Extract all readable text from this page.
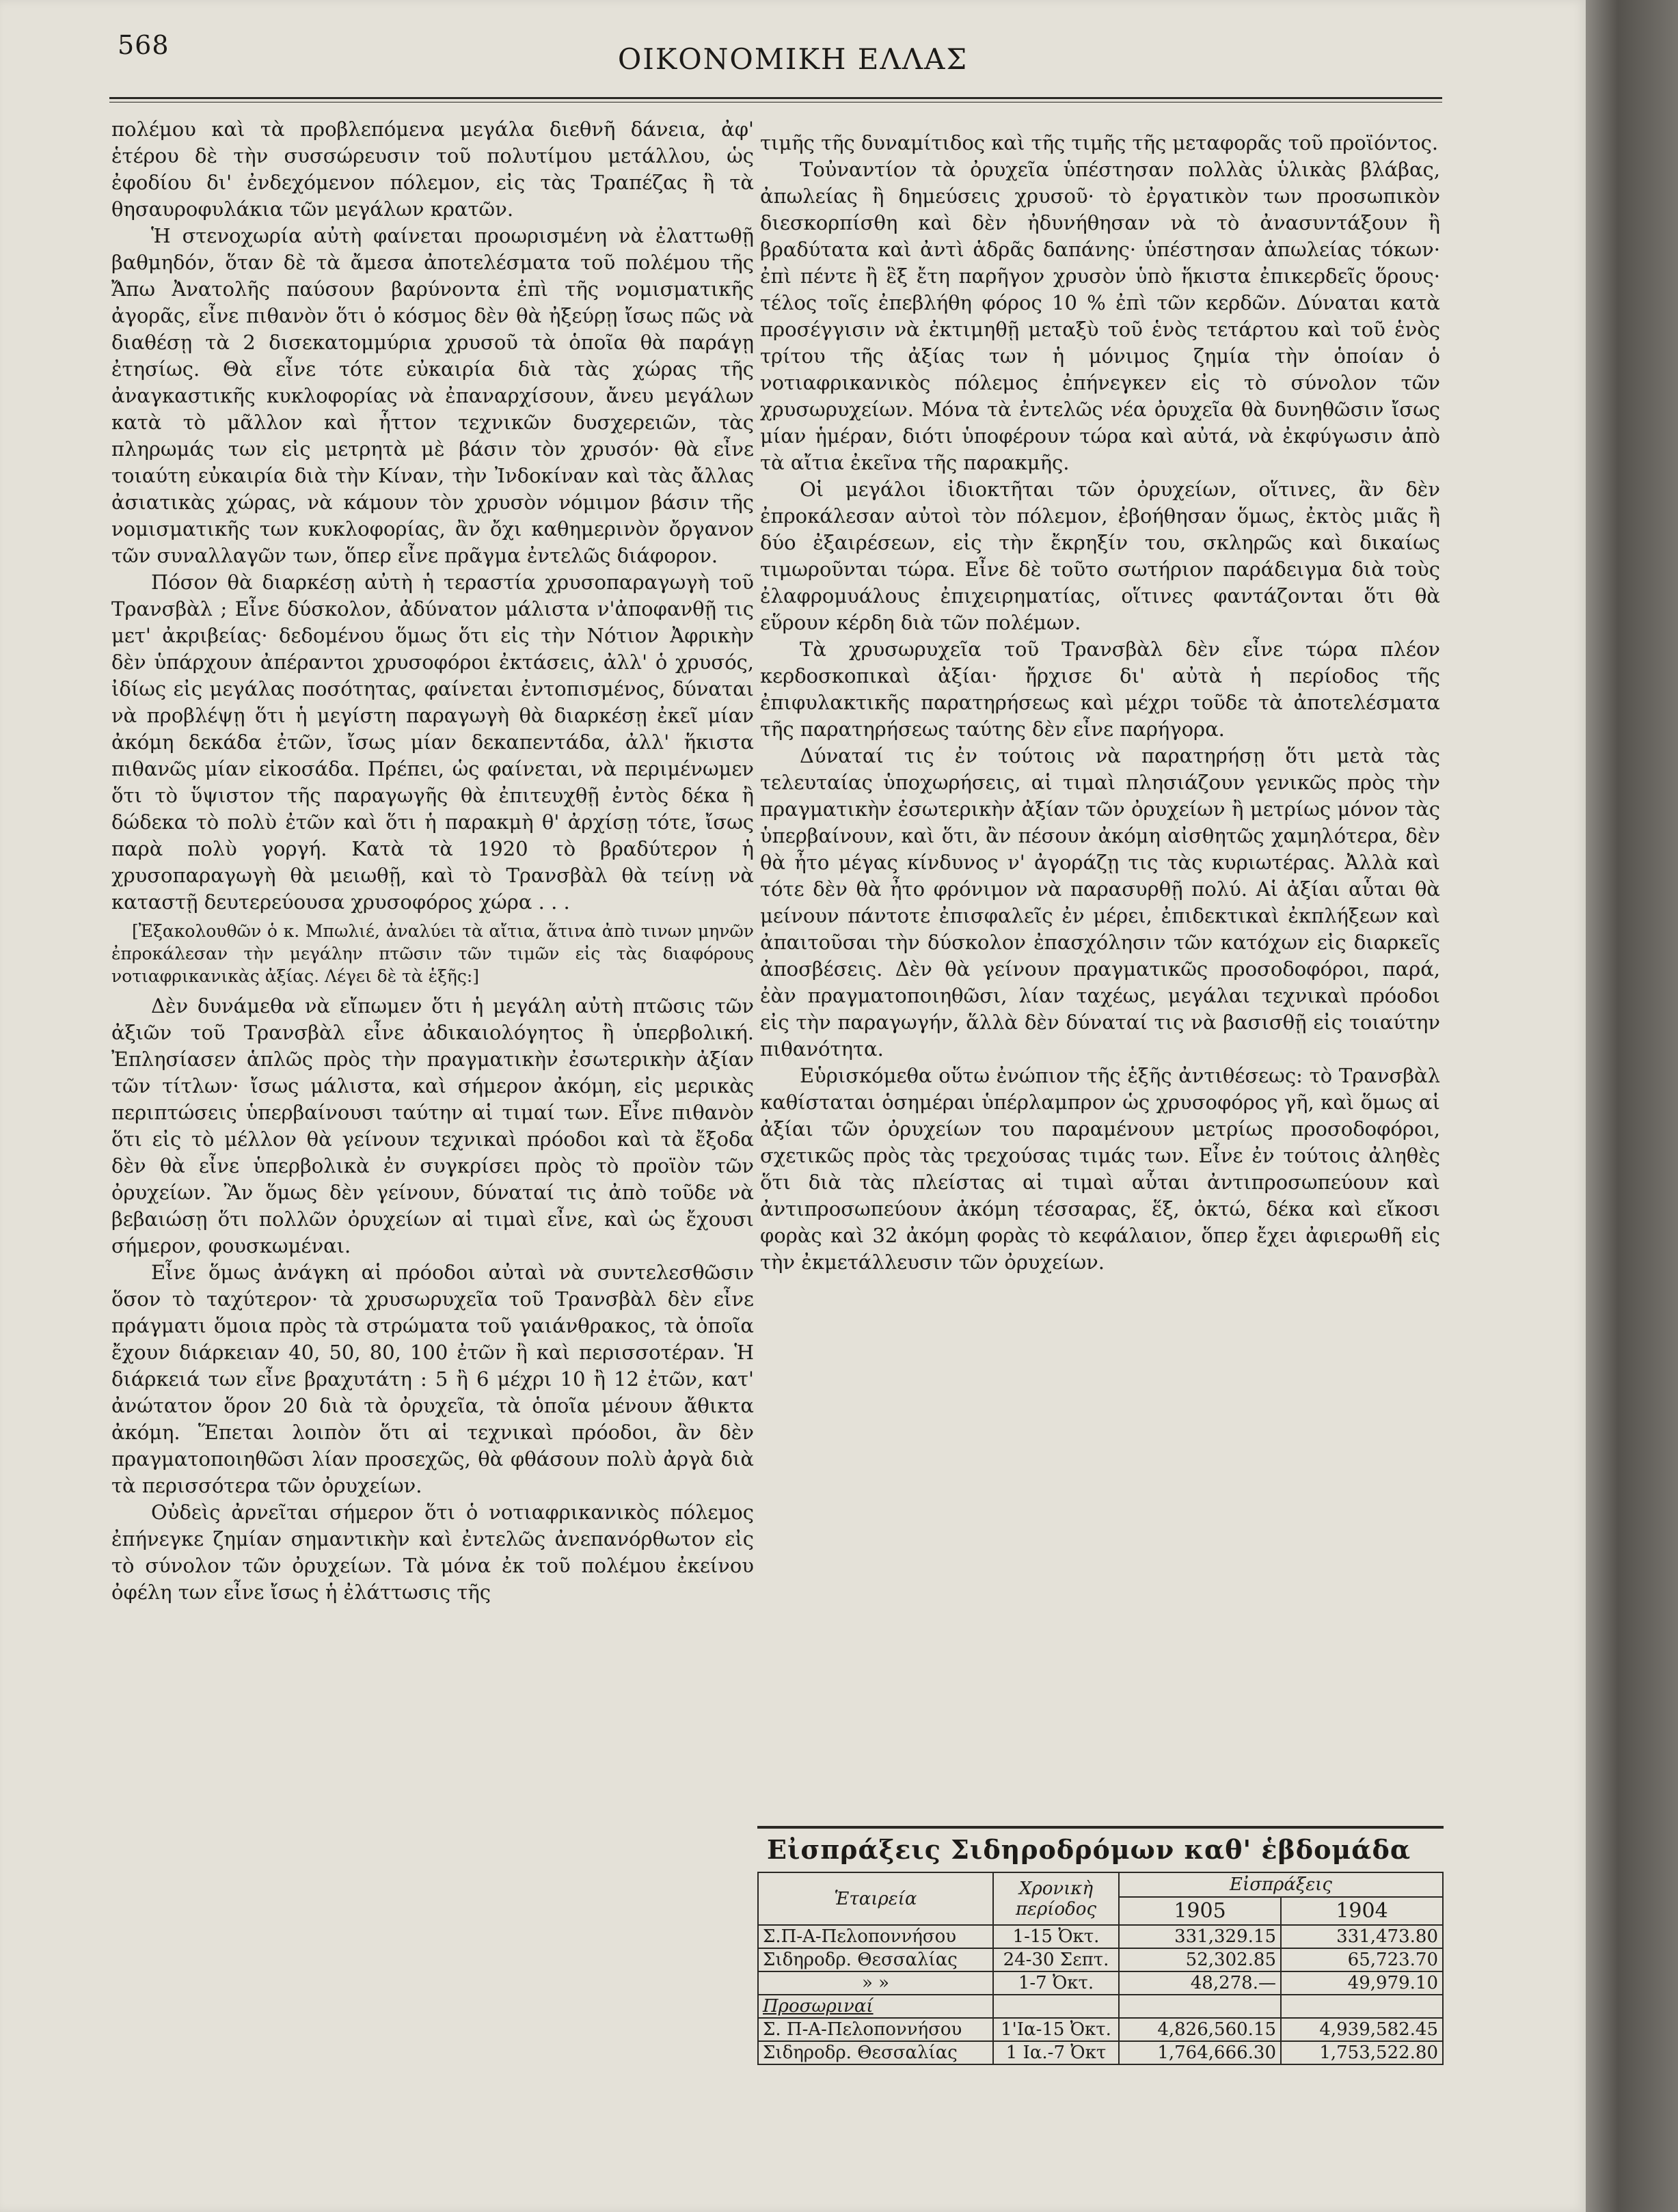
568	ΟΙΚΟΝΟΜΙΚΗ ΕΛΛΑΣ

πολέμου καὶ τὰ προβλεπόμενα μεγάλα διεθνῆ δάνεια, ἀφ' ἑτέρου δὲ τὴν συσσώρευσιν τοῦ πολυτίμου μετάλλου, ὡς ἐφοδίου δι' ἐνδεχόμενον πόλεμον, εἰς τὰς Τραπέζας ἢ τὰ θησαυροφυλάκια τῶν μεγάλων κρατῶν.

Ἡ στενοχωρία αὐτὴ φαίνεται προωρισμένη νὰ ἐλαττωθῇ βαθμηδόν, ὅταν δὲ τὰ ἄμεσα ἀποτελέσματα τοῦ πολέμου τῆς Ἄπω Ἀνατολῆς παύσουν βαρύνοντα ἐπὶ τῆς νομισματικῆς ἀγορᾶς, εἶνε πιθανὸν ὅτι ὁ κόσμος δὲν θὰ ἠξεύρῃ ἴσως πῶς νὰ διαθέσῃ τὰ 2 δισεκατομμύρια χρυσοῦ τὰ ὁποῖα θὰ παράγῃ ἐτησίως. Θὰ εἶνε τότε εὐκαιρία διὰ τὰς χώρας τῆς ἀναγκαστικῆς κυκλοφορίας νὰ ἐπαναρχίσουν, ἄνευ μεγάλων κατὰ τὸ μᾶλλον καὶ ἧττον τεχνικῶν δυσχερειῶν, τὰς πληρωμάς των εἰς μετρητὰ μὲ βάσιν τὸν χρυσόν· θὰ εἶνε τοιαύτη εὐκαιρία διὰ τὴν Κίναν, τὴν Ἰνδοκίναν καὶ τὰς ἄλλας ἀσιατικὰς χώρας, νὰ κάμουν τὸν χρυσὸν νόμιμον βάσιν τῆς νομισματικῆς των κυκλοφορίας, ἂν ὄχι καθημερινὸν ὄργανον τῶν συναλλαγῶν των, ὅπερ εἶνε πρᾶγμα ἐντελῶς διάφορον.

Πόσον θὰ διαρκέσῃ αὐτὴ ἡ τεραστία χρυσοπαραγωγὴ τοῦ Τρανσβὰλ ; Εἶνε δύσκολον, ἀδύνατον μάλιστα ν'ἀποφανθῇ τις μετ' ἀκριβείας· δεδομένου ὅμως ὅτι εἰς τὴν Νότιον Ἀφρικὴν δὲν ὑπάρχουν ἀπέραντοι χρυσοφόροι ἐκτάσεις, ἀλλ' ὁ χρυσός, ἰδίως εἰς μεγάλας ποσότητας, φαίνεται ἐντοπισμένος, δύναται νὰ προβλέψῃ ὅτι ἡ μεγίστη παραγωγὴ θὰ διαρκέσῃ ἐκεῖ μίαν ἀκόμη δεκάδα ἐτῶν, ἴσως μίαν δεκαπεντάδα, ἀλλ' ἥκιστα πιθανῶς μίαν εἰκοσάδα. Πρέπει, ὡς φαίνεται, νὰ περιμένωμεν ὅτι τὸ ὕψιστον τῆς παραγωγῆς θὰ ἐπιτευχθῇ ἐντὸς δέκα ἢ δώδεκα τὸ πολὺ ἐτῶν καὶ ὅτι ἡ παρακμὴ θ' ἀρχίσῃ τότε, ἴσως παρὰ πολὺ γοργή. Κατὰ τὰ 1920 τὸ βραδύτερον ἡ χρυσοπαραγωγὴ θὰ μειωθῇ, καὶ τὸ Τρανσβὰλ θὰ τείνῃ νὰ καταστῇ δευτερεύουσα χρυσοφόρος χώρα . . .

[Ἐξακολουθῶν ὁ κ. Μπωλιέ, ἀναλύει τὰ αἴτια, ἅτινα ἀπὸ τινων μηνῶν ἐπροκάλεσαν τὴν μεγάλην πτῶσιν τῶν τιμῶν εἰς τὰς διαφόρους νοτιαφρικανικὰς ἀξίας. Λέγει δὲ τὰ ἑξῆς:]

Δὲν δυνάμεθα νὰ εἴπωμεν ὅτι ἡ μεγάλη αὐτὴ πτῶσις τῶν ἀξιῶν τοῦ Τρανσβὰλ εἶνε ἀδικαιολόγητος ἢ ὑπερβολική. Ἐπλησίασεν ἁπλῶς πρὸς τὴν πραγματικὴν ἐσωτερικὴν ἀξίαν τῶν τίτλων· ἴσως μάλιστα, καὶ σήμερον ἀκόμη, εἰς μερικὰς περιπτώσεις ὑπερβαίνουσι ταύτην αἱ τιμαί των. Εἶνε πιθανὸν ὅτι εἰς τὸ μέλλον θὰ γείνουν τεχνικαὶ πρόοδοι καὶ τὰ ἔξοδα δὲν θὰ εἶνε ὑπερβολικὰ ἐν συγκρίσει πρὸς τὸ προϊὸν τῶν ὀρυχείων. Ἂν ὅμως δὲν γείνουν, δύναταί τις ἀπὸ τοῦδε νὰ βεβαιώσῃ ὅτι πολλῶν ὀρυχείων αἱ τιμαὶ εἶνε, καὶ ὡς ἔχουσι σήμερον, φουσκωμέναι.

Εἶνε ὅμως ἀνάγκη αἱ πρόοδοι αὐταὶ νὰ συντελεσθῶσιν ὅσον τὸ ταχύτερον· τὰ χρυσωρυχεῖα τοῦ Τρανσβὰλ δὲν εἶνε πράγματι ὅμοια πρὸς τὰ στρώματα τοῦ γαιάνθρακος, τὰ ὁποῖα ἔχουν διάρκειαν 40, 50, 80, 100 ἐτῶν ἢ καὶ περισσοτέραν. Ἡ διάρκειά των εἶνε βραχυτάτη : 5 ἢ 6 μέχρι 10 ἢ 12 ἐτῶν, κατ' ἀνώτατον ὅρον 20 διὰ τὰ ὀρυχεῖα, τὰ ὁποῖα μένουν ἄθικτα ἀκόμη. Ἕπεται λοιπὸν ὅτι αἱ τεχνικαὶ πρόοδοι, ἂν δὲν πραγματοποιηθῶσι λίαν προσεχῶς, θὰ φθάσουν πολὺ ἀργὰ διὰ τὰ περισσότερα τῶν ὀρυχείων.

Οὐδεὶς ἀρνεῖται σήμερον ὅτι ὁ νοτιαφρικανικὸς πόλεμος ἐπήνεγκε ζημίαν σημαντικὴν καὶ ἐντελῶς ἀνεπανόρθωτον εἰς τὸ σύνολον τῶν ὀρυχείων. Τὰ μόνα ἐκ τοῦ πολέμου ἐκείνου ὀφέλη των εἶνε ἴσως ἡ ἐλάττωσις τῆς

τιμῆς τῆς δυναμίτιδος καὶ τῆς τιμῆς τῆς μεταφορᾶς τοῦ προϊόντος.

Τοὐναντίον τὰ ὀρυχεῖα ὑπέστησαν πολλὰς ὑλικὰς βλάβας, ἀπωλείας ἢ δημεύσεις χρυσοῦ· τὸ ἐργατικὸν των προσωπικὸν διεσκορπίσθη καὶ δὲν ἠδυνήθησαν νὰ τὸ ἀνασυντάξουν ἢ βραδύτατα καὶ ἀντὶ ἁδρᾶς δαπάνης· ὑπέστησαν ἀπωλείας τόκων· ἐπὶ πέντε ἢ ἓξ ἔτη παρῆγον χρυσὸν ὑπὸ ἥκιστα ἐπικερδεῖς ὅρους· τέλος τοῖς ἐπεβλήθη φόρος 10 % ἐπὶ τῶν κερδῶν. Δύναται κατὰ προσέγγισιν νὰ ἐκτιμηθῇ μεταξὺ τοῦ ἑνὸς τετάρτου καὶ τοῦ ἑνὸς τρίτου τῆς ἀξίας των ἡ μόνιμος ζημία τὴν ὁποίαν ὁ νοτιαφρικανικὸς πόλεμος ἐπήνεγκεν εἰς τὸ σύνολον τῶν χρυσωρυχείων. Μόνα τὰ ἐντελῶς νέα ὀρυχεῖα θὰ δυνηθῶσιν ἴσως μίαν ἡμέραν, διότι ὑποφέρουν τώρα καὶ αὐτά, νὰ ἐκφύγωσιν ἀπὸ τὰ αἴτια ἐκεῖνα τῆς παρακμῆς.

Οἱ μεγάλοι ἰδιοκτῆται τῶν ὀρυχείων, οἵτινες, ἂν δὲν ἐπροκάλεσαν αὐτοὶ τὸν πόλεμον, ἐβοήθησαν ὅμως, ἐκτὸς μιᾶς ἢ δύο ἐξαιρέσεων, εἰς τὴν ἔκρηξίν του, σκληρῶς καὶ δικαίως τιμωροῦνται τώρα. Εἶνε δὲ τοῦτο σωτήριον παράδειγμα διὰ τοὺς ἐλαφρομυάλους ἐπιχειρηματίας, οἵτινες φαντάζονται ὅτι θὰ εὕρουν κέρδη διὰ τῶν πολέμων.

Τὰ χρυσωρυχεῖα τοῦ Τρανσβὰλ δὲν εἶνε τώρα πλέον κερδοσκοπικαὶ ἀξίαι· ἤρχισε δι' αὐτὰ ἡ περίοδος τῆς ἐπιφυλακτικῆς παρατηρήσεως καὶ μέχρι τοῦδε τὰ ἀποτελέσματα τῆς παρατηρήσεως ταύτης δὲν εἶνε παρήγορα.

Δύναταί τις ἐν τούτοις νὰ παρατηρήσῃ ὅτι μετὰ τὰς τελευταίας ὑποχωρήσεις, αἱ τιμαὶ πλησιάζουν γενικῶς πρὸς τὴν πραγματικὴν ἐσωτερικὴν ἀξίαν τῶν ὀρυχείων ἢ μετρίως μόνον τὰς ὑπερβαίνουν, καὶ ὅτι, ἂν πέσουν ἀκόμη αἰσθητῶς χαμηλότερα, δὲν θὰ ἦτο μέγας κίνδυνος ν' ἀγοράζῃ τις τὰς κυριωτέρας. Ἀλλὰ καὶ τότε δὲν θὰ ἦτο φρόνιμον νὰ παρασυρθῇ πολύ. Αἱ ἀξίαι αὗται θὰ μείνουν πάντοτε ἐπισφαλεῖς ἐν μέρει, ἐπιδεκτικαὶ ἐκπλήξεων καὶ ἀπαιτοῦσαι τὴν δύσκολον ἐπασχόλησιν τῶν κατόχων εἰς διαρκεῖς ἀποσβέσεις. Δὲν θὰ γείνουν πραγματικῶς προσοδοφόροι, παρά, ἐὰν πραγματοποιηθῶσι, λίαν ταχέως, μεγάλαι τεχνικαὶ πρόοδοι εἰς τὴν παραγωγήν, ἅλλὰ δὲν δύναταί τις νὰ βασισθῇ εἰς τοιαύτην πιθανότητα.

Εὑρισκόμεθα οὕτω ἐνώπιον τῆς ἑξῆς ἀντιθέσεως: τὸ Τρανσβὰλ καθίσταται ὁσημέραι ὑπέρλαμπρον ὡς χρυσοφόρος γῆ, καὶ ὅμως αἱ ἀξίαι τῶν ὀρυχείων του παραμένουν μετρίως προσοδοφόροι, σχετικῶς πρὸς τὰς τρεχούσας τιμάς των. Εἶνε ἐν τούτοις ἀληθὲς ὅτι διὰ τὰς πλείστας αἱ τιμαὶ αὗται ἀντιπροσωπεύουν καὶ ἀντιπροσωπεύουν ἀκόμη τέσσαρας, ἕξ, ὀκτώ, δέκα καὶ εἴκοσι φορὰς καὶ 32 ἀκόμη φορὰς τὸ κεφάλαιον, ὅπερ ἔχει ἀφιερωθῆ εἰς τὴν ἐκμετάλλευσιν τῶν ὀρυχείων.

Εἰσπράξεις Σιδηροδρόμων καθ' ἑβδομάδα
Ἑταιρεία	Χρονικὴ περίοδος	Εἰσπράξεις	
		1905	1904
Σ.Π-Α-Πελοποννήσου	1-15 Ὀκτ.	331,329.15	331,473.80
Σιδηροδρ. Θεσσαλίας	24-30 Σεπτ.	52,302.85	65,723.70
» »	1-7 Ὀκτ.	48,278.—	49,979.10
Προσωριναί			
Σ. Π-Α-Πελοποννήσου	1'Ια-15 Ὀκτ.	4,826,560.15	4,939,582.45
Σιδηροδρ. Θεσσαλίας	1 Ια.-7 Ὀκτ	1,764,666.30	1,753,522.80
